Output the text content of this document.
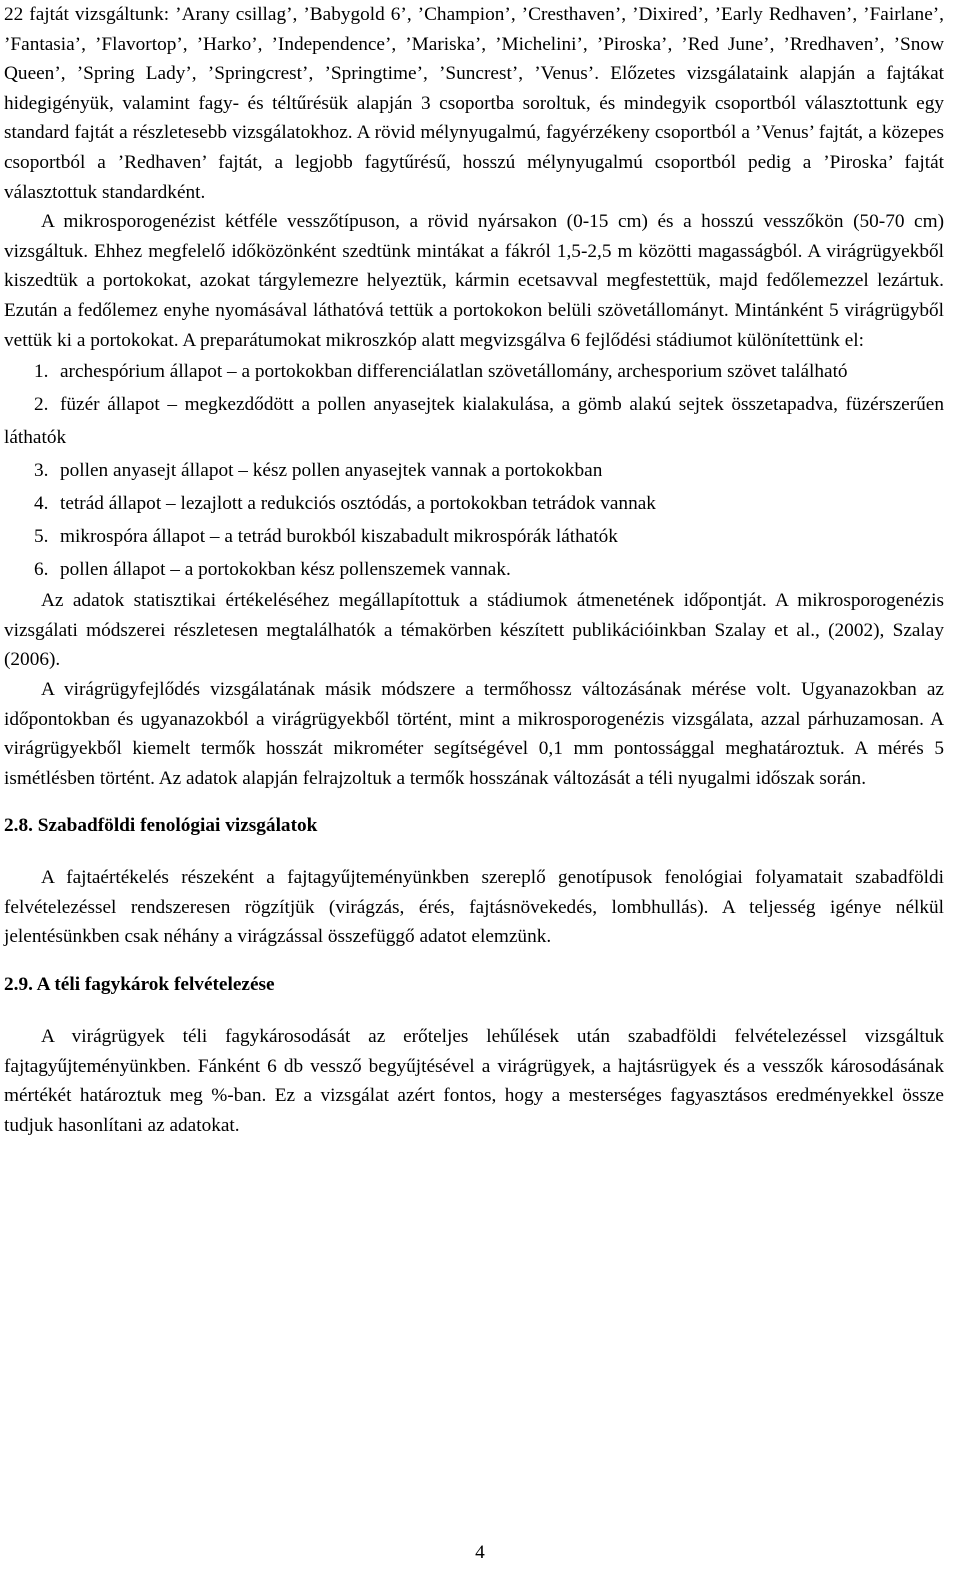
22 fajtát vizsgáltunk: ’Arany csillag’, ’Babygold 6’, ’Champion’, ’Cresthaven’, ’Dixired’, ’Early Redhaven’, ’Fairlane’, ’Fantasia’, ’Flavortop’, ’Harko’, ’Independence’, ’Mariska’, ’Michelini’, ’Piroska’, ’Red June’, ’Rredhaven’, ’Snow Queen’, ’Spring Lady’, ’Springcrest’, ’Springtime’, ’Suncrest’, ’Venus’. Előzetes vizsgálataink alapján a fajtákat hidegigényük, valamint fagy- és téltűrésük alapján 3 csoportba soroltuk, és mindegyik csoportból választottunk egy standard fajtát a részletesebb vizsgálatokhoz. A rövid mélynyugalmú, fagyérzékeny csoportból a ’Venus’ fajtát, a közepes csoportból a ’Redhaven’ fajtát, a legjobb fagytűrésű, hosszú mélynyugalmú csoportból pedig a ’Piroska’ fajtát választottuk standardként.

A mikrosporogenézist kétféle vesszőtípuson, a rövid nyársakon (0-15 cm) és a hosszú vesszőkön (50-70 cm) vizsgáltuk. Ehhez megfelelő időközönként szedtünk mintákat a fákról 1,5-2,5 m közötti magasságból. A virágrügyekből kiszedtük a portokokat, azokat tárgylemezre helyeztük, kármin ecetsavval megfestettük, majd fedőlemezzel lezártuk. Ezután a fedőlemez enyhe nyomásával láthatóvá tettük a portokokon belüli szövetállományt. Mintánként 5 virágrügyből vettük ki a portokokat. A preparátumokat mikroszkóp alatt megvizsgálva 6 fejlődési stádiumot különítettünk el:

1. archespórium állapot – a portokokban differenciálatlan szövetállomány, archesporium szövet található
2. füzér állapot – megkezdődött a pollen anyasejtek kialakulása, a gömb alakú sejtek összetapadva, füzérszerűen láthatók
3. pollen anyasejt állapot – kész pollen anyasejtek vannak a portokokban
4. tetrád állapot – lezajlott a redukciós osztódás, a portokokban tetrádok vannak
5. mikrospóra állapot – a tetrád burokból kiszabadult mikrospórák láthatók
6. pollen állapot – a portokokban kész pollenszemek vannak.

Az adatok statisztikai értékeléséhez megállapítottuk a stádiumok átmenetének időpontját. A mikrosporogenézis vizsgálati módszerei részletesen megtalálhatók a témakörben készített publikációinkban Szalay et al., (2002), Szalay (2006).

A virágrügyfejlődés vizsgálatának másik módszere a termőhossz változásának mérése volt. Ugyanazokban az időpontokban és ugyanazokból a virágrügyekből történt, mint a mikrosporogenézis vizsgálata, azzal párhuzamosan. A virágrügyekből kiemelt termők hosszát mikrométer segítségével 0,1 mm pontossággal meghatároztuk. A mérés 5 ismétlésben történt. Az adatok alapján felrajzoltuk a termők hosszának változását a téli nyugalmi időszak során.

2.8. Szabadföldi fenológiai vizsgálatok

A fajtaértékelés részeként a fajtagyűjteményünkben szereplő genotípusok fenológiai folyamatait szabadföldi felvételezéssel rendszeresen rögzítjük (virágzás, érés, fajtásnövekedés, lombhullás). A teljesség igénye nélkül jelentésünkben csak néhány a virágzással összefüggő adatot elemzünk.

2.9. A téli fagykárok felvételezése

A virágrügyek téli fagykárosodását az erőteljes lehűlések után szabadföldi felvételezéssel vizsgáltuk fajtagyűjteményünkben. Fánként 6 db vessző begyűjtésével a virágrügyek, a hajtásrügyek és a vesszők károsodásának mértékét határoztuk meg %-ban. Ez a vizsgálat azért fontos, hogy a mesterséges fagyasztásos eredményekkel össze tudjuk hasonlítani az adatokat.

4
